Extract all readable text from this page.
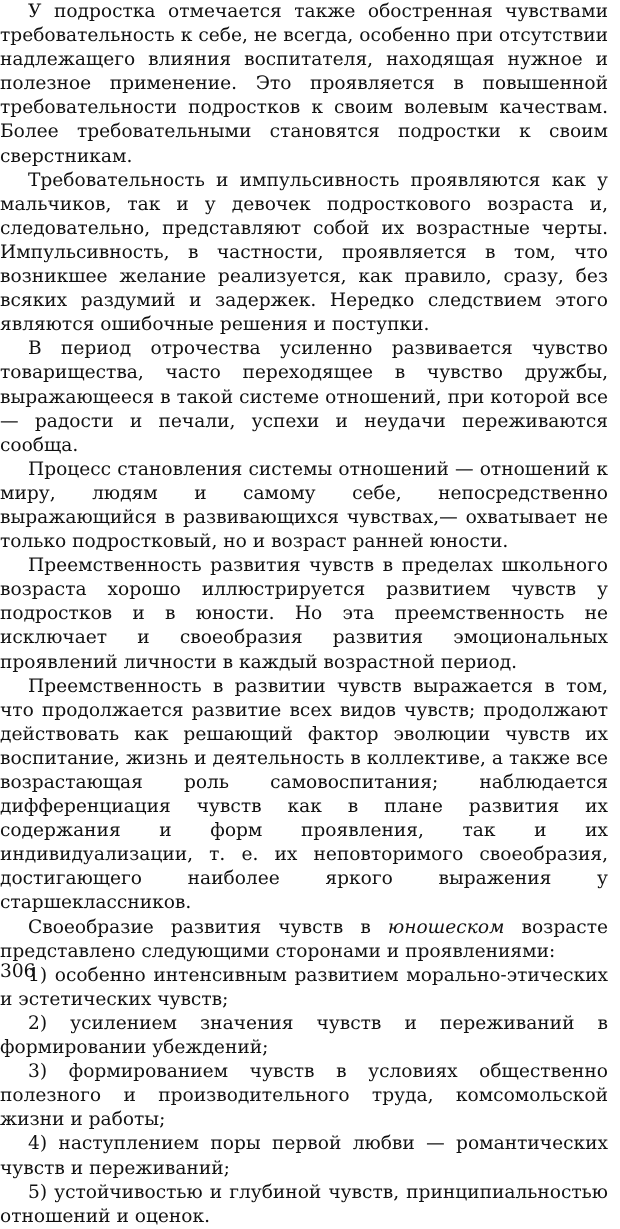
У подростка отмечается также обостренная чувствами требовательность к себе, не всегда, особенно при отсутствии надлежащего влияния воспитателя, находящая нужное и полезное применение. Это проявляется в повышенной требовательности подростков к своим волевым качествам. Более требовательными становятся подростки к своим сверстникам.

Требовательность и импульсивность проявляются как у мальчиков, так и у девочек подросткового возраста и, следовательно, представляют собой их возрастные черты. Импульсивность, в частности, проявляется в том, что возникшее желание реализуется, как правило, сразу, без всяких раздумий и задержек. Нередко следствием этого являются ошибочные решения и поступки.

В период отрочества усиленно развивается чувство товарищества, часто переходящее в чувство дружбы, выражающееся в такой системе отношений, при которой все — радости и печали, успехи и неудачи переживаются сообща.

Процесс становления системы отношений — отношений к миру, людям и самому себе, непосредственно выражающийся в развивающихся чувствах,— охватывает не только подростковый, но и возраст ранней юности.

Преемственность развития чувств в пределах школьного возраста хорошо иллюстрируется развитием чувств у подростков и в юности. Но эта преемственность не исключает и своеобразия развития эмоциональных проявлений личности в каждый возрастной период.

Преемственность в развитии чувств выражается в том, что продолжается развитие всех видов чувств; продолжают действовать как решающий фактор эволюции чувств их воспитание, жизнь и деятельность в коллективе, а также все возрастающая роль самовоспитания; наблюдается дифференциация чувств как в плане развития их содержания и форм проявления, так и их индивидуализации, т. е. их неповторимого своеобразия, достигающего наиболее яркого выражения у старшеклассников.

Своеобразие развития чувств в юношеском возрасте представлено следующими сторонами и проявлениями:

1) особенно интенсивным развитием морально-этических и эстетических чувств;

2) усилением значения чувств и переживаний в формировании убеждений;

3) формированием чувств в условиях общественно полезного и производительного труда, комсомольской жизни и работы;

4) наступлением поры первой любви — романтических чувств и переживаний;

5) устойчивостью и глубиной чувств, принципиальностью отношений и оценок.

306
